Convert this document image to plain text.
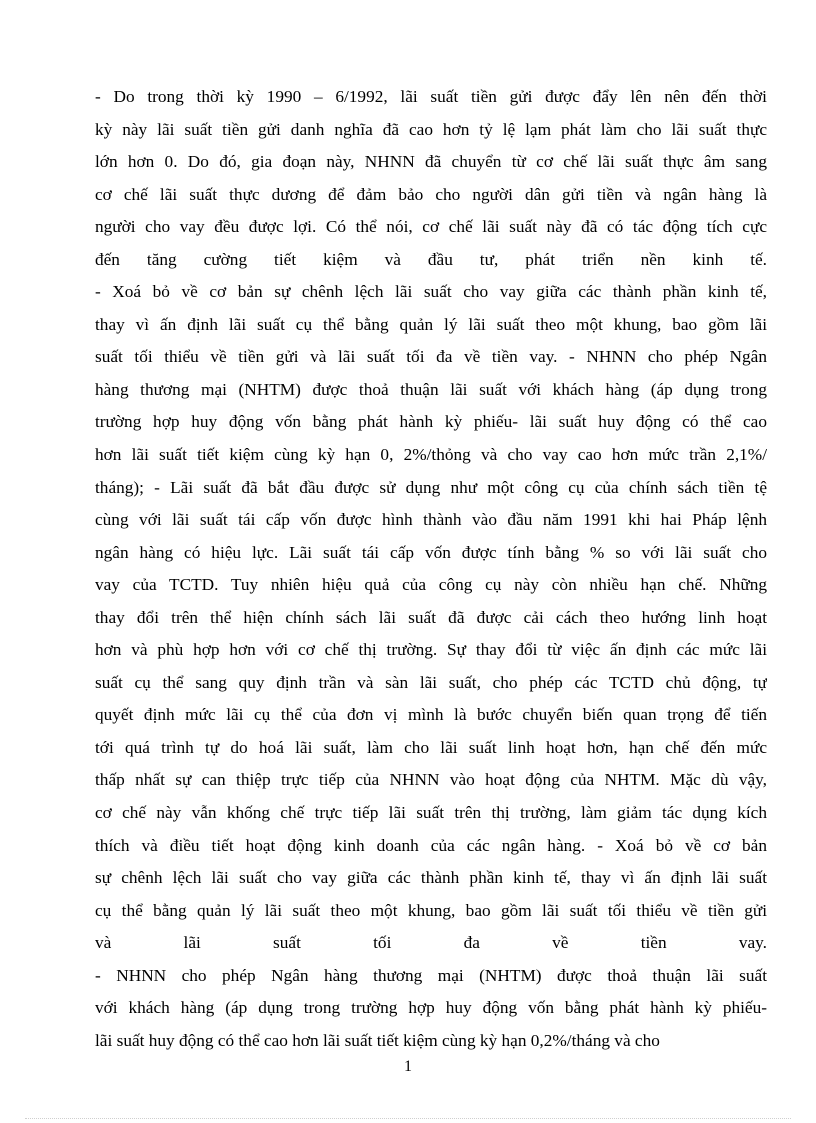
- Do trong thời kỳ 1990 – 6/1992, lãi suất tiền gửi được đẩy lên nên đến thời
kỳ này lãi suất tiền gửi danh nghĩa đã cao hơn tỷ lệ lạm phát làm cho lãi suất thực
lớn hơn 0. Do đó, gia đoạn này, NHNN đã chuyển từ cơ chế lãi suất thực âm sang
cơ chế lãi suất thực dương để đảm bảo cho người dân gửi tiền và ngân hàng là
người cho vay đều được lợi. Có thể nói, cơ chế lãi suất này đã có tác động tích cực
đến tăng cường tiết kiệm và đầu tư, phát triển nền kinh tế.
- Xoá bỏ về cơ bản sự chênh lệch lãi suất cho vay giữa các thành phần kinh tế,
thay vì ấn định lãi suất cụ thể bằng quản lý lãi suất theo một khung, bao gồm lãi
suất tối thiểu về tiền gửi và lãi suất tối đa về tiền vay. - NHNN cho phép Ngân
hàng thương mại (NHTM) được thoả thuận lãi suất với khách hàng (áp dụng trong
trường hợp huy động vốn bằng phát hành kỳ phiếu- lãi suất huy động có thể cao
hơn lãi suất tiết kiệm cùng kỳ hạn 0, 2%/thỏng và cho vay cao hơn mức trần 2,1%/
tháng); - Lãi suất đã bắt đầu được sử dụng như một công cụ của chính sách tiền tệ
cùng với lãi suất tái cấp vốn được hình thành vào đầu năm 1991 khi hai Pháp lệnh
ngân hàng có hiệu lực. Lãi suất tái cấp vốn được tính bằng % so với lãi suất cho
vay của TCTD. Tuy nhiên hiệu quả của công cụ này còn nhiều hạn chế. Những
thay đổi trên thể hiện chính sách lãi suất đã được cải cách theo hướng linh hoạt
hơn và phù hợp hơn với cơ chế thị trường. Sự thay đổi từ việc ấn định các mức lãi
suất cụ thể sang quy định trần và sàn lãi suất, cho phép các TCTD chủ động, tự
quyết định mức lãi cụ thể của đơn vị mình là bước chuyển biến quan trọng để tiến
tới quá trình tự do hoá lãi suất, làm cho lãi suất linh hoạt hơn, hạn chế đến mức
thấp nhất sự can thiệp trực tiếp của NHNN vào hoạt động của NHTM. Mặc dù vậy,
cơ chế này vẫn khống chế trực tiếp lãi suất trên thị trường, làm giảm tác dụng kích
thích và điều tiết hoạt động kinh doanh của các ngân hàng. - Xoá bỏ về cơ bản
sự chênh lệch lãi suất cho vay giữa các thành phần kinh tế, thay vì ấn định lãi suất
cụ thể bằng quản lý lãi suất theo một khung, bao gồm lãi suất tối thiểu về tiền gửi
và lãi suất tối đa về tiền vay.
- NHNN cho phép Ngân hàng thương mại (NHTM) được thoả thuận lãi suất
với khách hàng (áp dụng trong trường hợp huy động vốn bằng phát hành kỳ phiếu-
lãi suất huy động có thể cao hơn lãi suất tiết kiệm cùng kỳ hạn 0,2%/tháng và cho
1
